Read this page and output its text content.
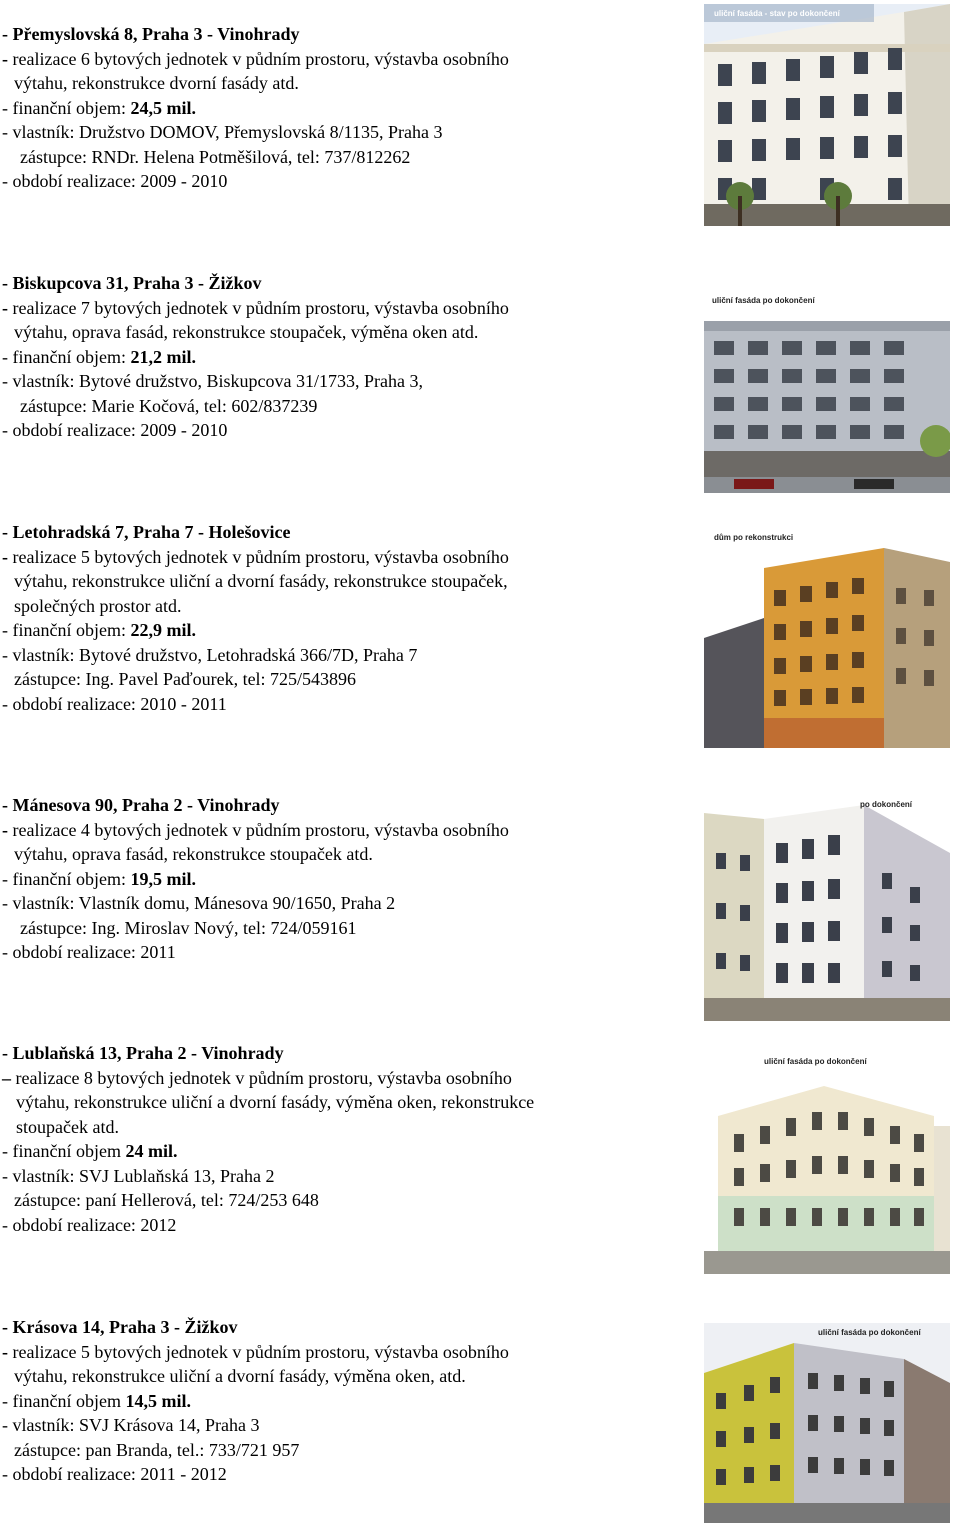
- Přemyslovská 8, Praha 3 - Vinohrady
- realizace 6 bytových jednotek v půdním prostoru, výstavba osobního
výtahu, rekonstrukce dvorní fasády atd.
- finanční objem: 24,5 mil.
- vlastník: Družstvo DOMOV, Přemyslovská 8/1135, Praha 3
zástupce: RNDr. Helena Potměšilová, tel: 737/812262
- období realizace: 2009 - 2010
uliční fasáda - stav po dokončení
- Biskupcova 31, Praha 3 - Žižkov
- realizace 7 bytových jednotek v půdním prostoru, výstavba osobního
výtahu, oprava fasád, rekonstrukce stoupaček, výměna oken atd.
- finanční objem: 21,2 mil.
- vlastník: Bytové družstvo, Biskupcova 31/1733, Praha 3,
zástupce: Marie Kočová, tel: 602/837239
- období realizace: 2009 - 2010
uliční fasáda po dokončení
- Letohradská 7, Praha 7 - Holešovice
- realizace 5 bytových jednotek v půdním prostoru, výstavba osobního
výtahu, rekonstrukce uliční a dvorní fasády, rekonstrukce stoupaček,
společných prostor atd.
- finanční objem: 22,9 mil.
- vlastník: Bytové družstvo, Letohradská 366/7D, Praha 7
zástupce: Ing. Pavel Paďourek, tel: 725/543896
- období realizace: 2010 - 2011
dům po rekonstrukci
- Mánesova 90, Praha 2 - Vinohrady
- realizace 4 bytových jednotek v půdním prostoru, výstavba osobního
výtahu, oprava fasád, rekonstrukce stoupaček atd.
- finanční objem: 19,5 mil.
- vlastník: Vlastník domu, Mánesova 90/1650, Praha 2
zástupce: Ing. Miroslav Nový, tel: 724/059161
- období realizace: 2011
po dokončení
- Lublaňská 13, Praha 2 - Vinohrady
– realizace 8 bytových jednotek v půdním prostoru, výstavba osobního
výtahu, rekonstrukce uliční a dvorní fasády, výměna oken, rekonstrukce
stoupaček atd.
- finanční objem 24 mil.
- vlastník: SVJ Lublaňská 13, Praha 2
zástupce: paní Hellerová, tel: 724/253 648
- období realizace: 2012
uliční fasáda po dokončení
- Krásova 14, Praha 3 - Žižkov
- realizace 5 bytových jednotek v půdním prostoru, výstavba osobního
výtahu, rekonstrukce uliční a dvorní fasády, výměna oken, atd.
- finanční objem 14,5 mil.
- vlastník: SVJ Krásova 14, Praha 3
zástupce: pan Branda, tel.: 733/721 957
- období realizace: 2011 - 2012
uliční fasáda po dokončení
